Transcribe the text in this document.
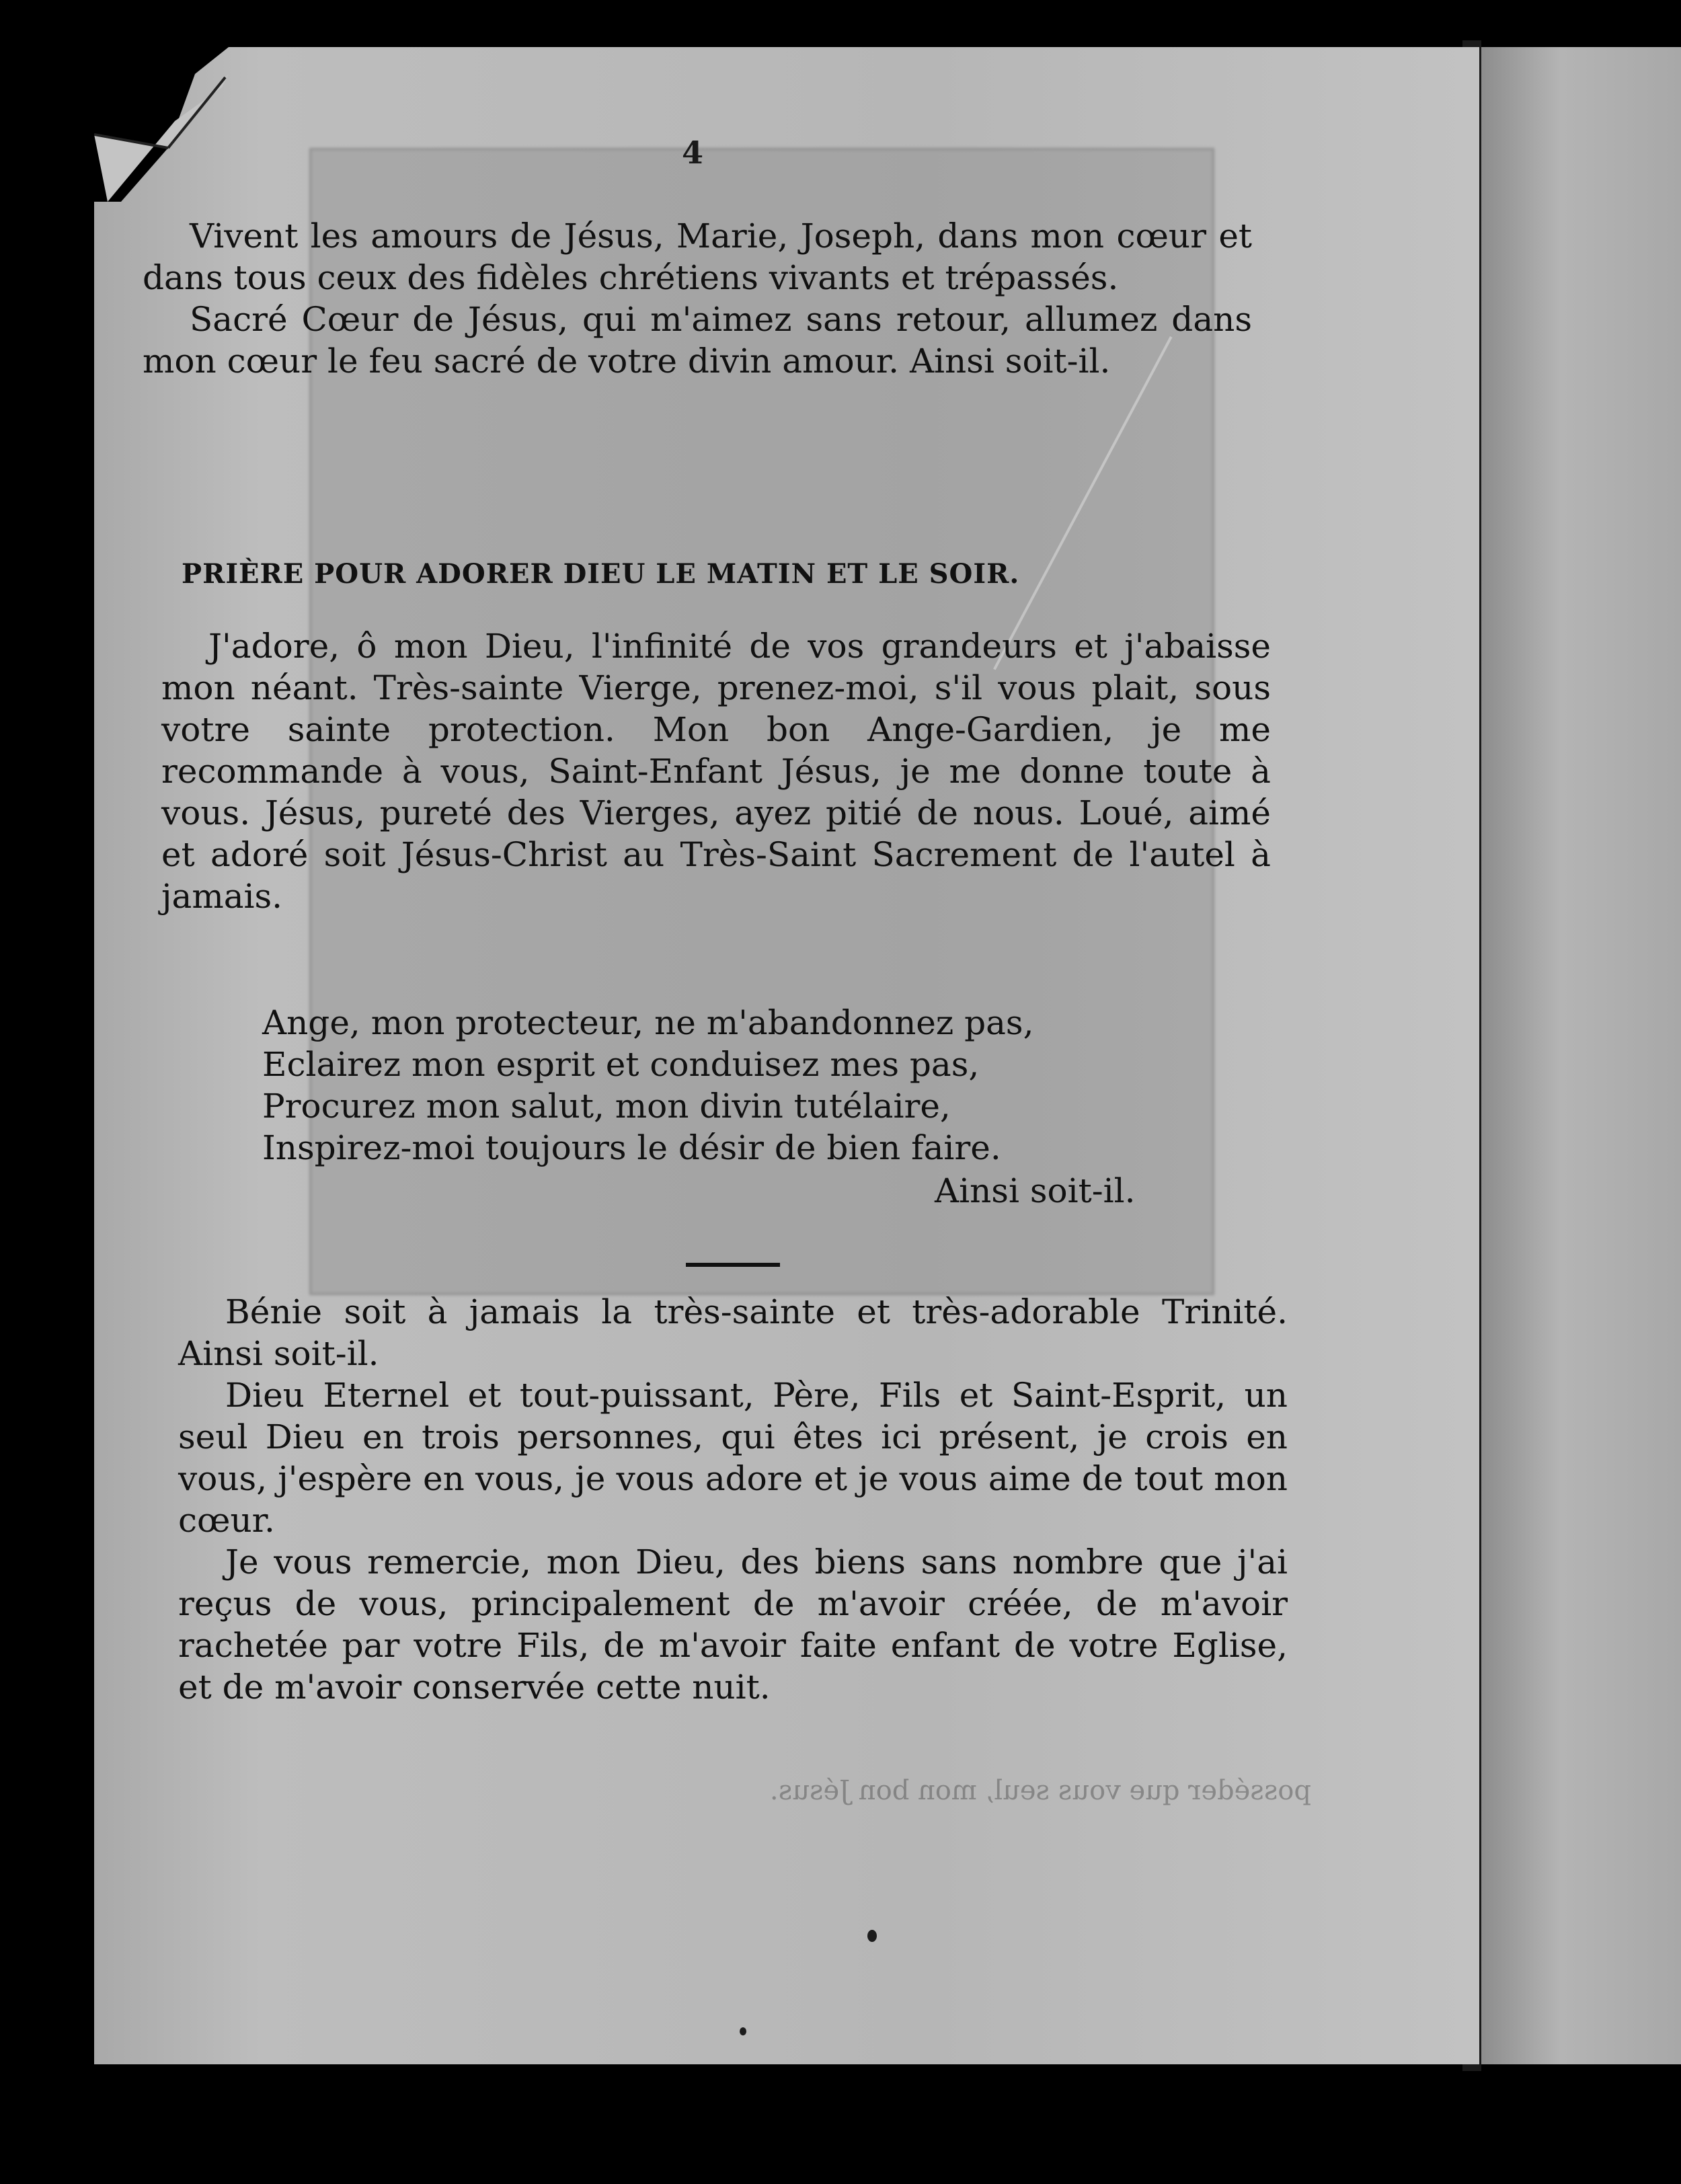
4

Vivent les amours de Jésus, Marie, Joseph, dans mon cœur et dans tous ceux des fidèles chrétiens vivants et trépassés.

Sacré Cœur de Jésus, qui m'aimez sans retour, allumez dans mon cœur le feu sacré de votre divin amour. Ainsi soit-il.

PRIÈRE POUR ADORER DIEU LE MATIN ET LE SOIR.

J'adore, ô mon Dieu, l'infinité de vos grandeurs et j'abaisse mon néant. Très-sainte Vierge, prenez-moi, s'il vous plait, sous votre sainte protection. Mon bon Ange-Gardien, je me recommande à vous, Saint-Enfant Jésus, je me donne toute à vous. Jésus, pureté des Vierges, ayez pitié de nous. Loué, aimé et adoré soit Jésus-Christ au Très-Saint Sacrement de l'autel à jamais.

Ange, mon protecteur, ne m'abandonnez pas,
Eclairez mon esprit et conduisez mes pas,
Procurez mon salut, mon divin tutélaire,
Inspirez-moi toujours le désir de bien faire.
Ainsi soit-il.

Bénie soit à jamais la très-sainte et très-adorable Trinité. Ainsi soit-il.

Dieu Eternel et tout-puissant, Père, Fils et Saint-Esprit, un seul Dieu en trois personnes, qui êtes ici présent, je crois en vous, j'espère en vous, je vous adore et je vous aime de tout mon cœur.

Je vous remercie, mon Dieu, des biens sans nombre que j'ai reçus de vous, principalement de m'avoir créée, de m'avoir rachetée par votre Fils, de m'avoir faite enfant de votre Eglise, et de m'avoir conservée cette nuit.

posséder que vous seul, mon bon Jésus.
